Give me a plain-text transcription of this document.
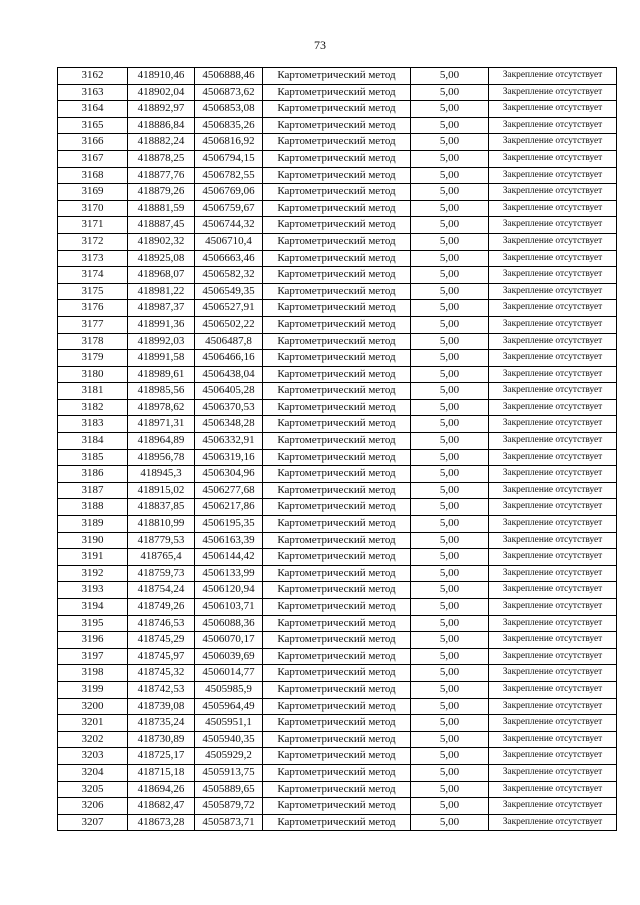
73
3162	418910,46	4506888,46	Картометрический метод	5,00	Закрепление отсутствует
3163	418902,04	4506873,62	Картометрический метод	5,00	Закрепление отсутствует
3164	418892,97	4506853,08	Картометрический метод	5,00	Закрепление отсутствует
3165	418886,84	4506835,26	Картометрический метод	5,00	Закрепление отсутствует
3166	418882,24	4506816,92	Картометрический метод	5,00	Закрепление отсутствует
3167	418878,25	4506794,15	Картометрический метод	5,00	Закрепление отсутствует
3168	418877,76	4506782,55	Картометрический метод	5,00	Закрепление отсутствует
3169	418879,26	4506769,06	Картометрический метод	5,00	Закрепление отсутствует
3170	418881,59	4506759,67	Картометрический метод	5,00	Закрепление отсутствует
3171	418887,45	4506744,32	Картометрический метод	5,00	Закрепление отсутствует
3172	418902,32	4506710,4	Картометрический метод	5,00	Закрепление отсутствует
3173	418925,08	4506663,46	Картометрический метод	5,00	Закрепление отсутствует
3174	418968,07	4506582,32	Картометрический метод	5,00	Закрепление отсутствует
3175	418981,22	4506549,35	Картометрический метод	5,00	Закрепление отсутствует
3176	418987,37	4506527,91	Картометрический метод	5,00	Закрепление отсутствует
3177	418991,36	4506502,22	Картометрический метод	5,00	Закрепление отсутствует
3178	418992,03	4506487,8	Картометрический метод	5,00	Закрепление отсутствует
3179	418991,58	4506466,16	Картометрический метод	5,00	Закрепление отсутствует
3180	418989,61	4506438,04	Картометрический метод	5,00	Закрепление отсутствует
3181	418985,56	4506405,28	Картометрический метод	5,00	Закрепление отсутствует
3182	418978,62	4506370,53	Картометрический метод	5,00	Закрепление отсутствует
3183	418971,31	4506348,28	Картометрический метод	5,00	Закрепление отсутствует
3184	418964,89	4506332,91	Картометрический метод	5,00	Закрепление отсутствует
3185	418956,78	4506319,16	Картометрический метод	5,00	Закрепление отсутствует
3186	418945,3	4506304,96	Картометрический метод	5,00	Закрепление отсутствует
3187	418915,02	4506277,68	Картометрический метод	5,00	Закрепление отсутствует
3188	418837,85	4506217,86	Картометрический метод	5,00	Закрепление отсутствует
3189	418810,99	4506195,35	Картометрический метод	5,00	Закрепление отсутствует
3190	418779,53	4506163,39	Картометрический метод	5,00	Закрепление отсутствует
3191	418765,4	4506144,42	Картометрический метод	5,00	Закрепление отсутствует
3192	418759,73	4506133,99	Картометрический метод	5,00	Закрепление отсутствует
3193	418754,24	4506120,94	Картометрический метод	5,00	Закрепление отсутствует
3194	418749,26	4506103,71	Картометрический метод	5,00	Закрепление отсутствует
3195	418746,53	4506088,36	Картометрический метод	5,00	Закрепление отсутствует
3196	418745,29	4506070,17	Картометрический метод	5,00	Закрепление отсутствует
3197	418745,97	4506039,69	Картометрический метод	5,00	Закрепление отсутствует
3198	418745,32	4506014,77	Картометрический метод	5,00	Закрепление отсутствует
3199	418742,53	4505985,9	Картометрический метод	5,00	Закрепление отсутствует
3200	418739,08	4505964,49	Картометрический метод	5,00	Закрепление отсутствует
3201	418735,24	4505951,1	Картометрический метод	5,00	Закрепление отсутствует
3202	418730,89	4505940,35	Картометрический метод	5,00	Закрепление отсутствует
3203	418725,17	4505929,2	Картометрический метод	5,00	Закрепление отсутствует
3204	418715,18	4505913,75	Картометрический метод	5,00	Закрепление отсутствует
3205	418694,26	4505889,65	Картометрический метод	5,00	Закрепление отсутствует
3206	418682,47	4505879,72	Картометрический метод	5,00	Закрепление отсутствует
3207	418673,28	4505873,71	Картометрический метод	5,00	Закрепление отсутствует
